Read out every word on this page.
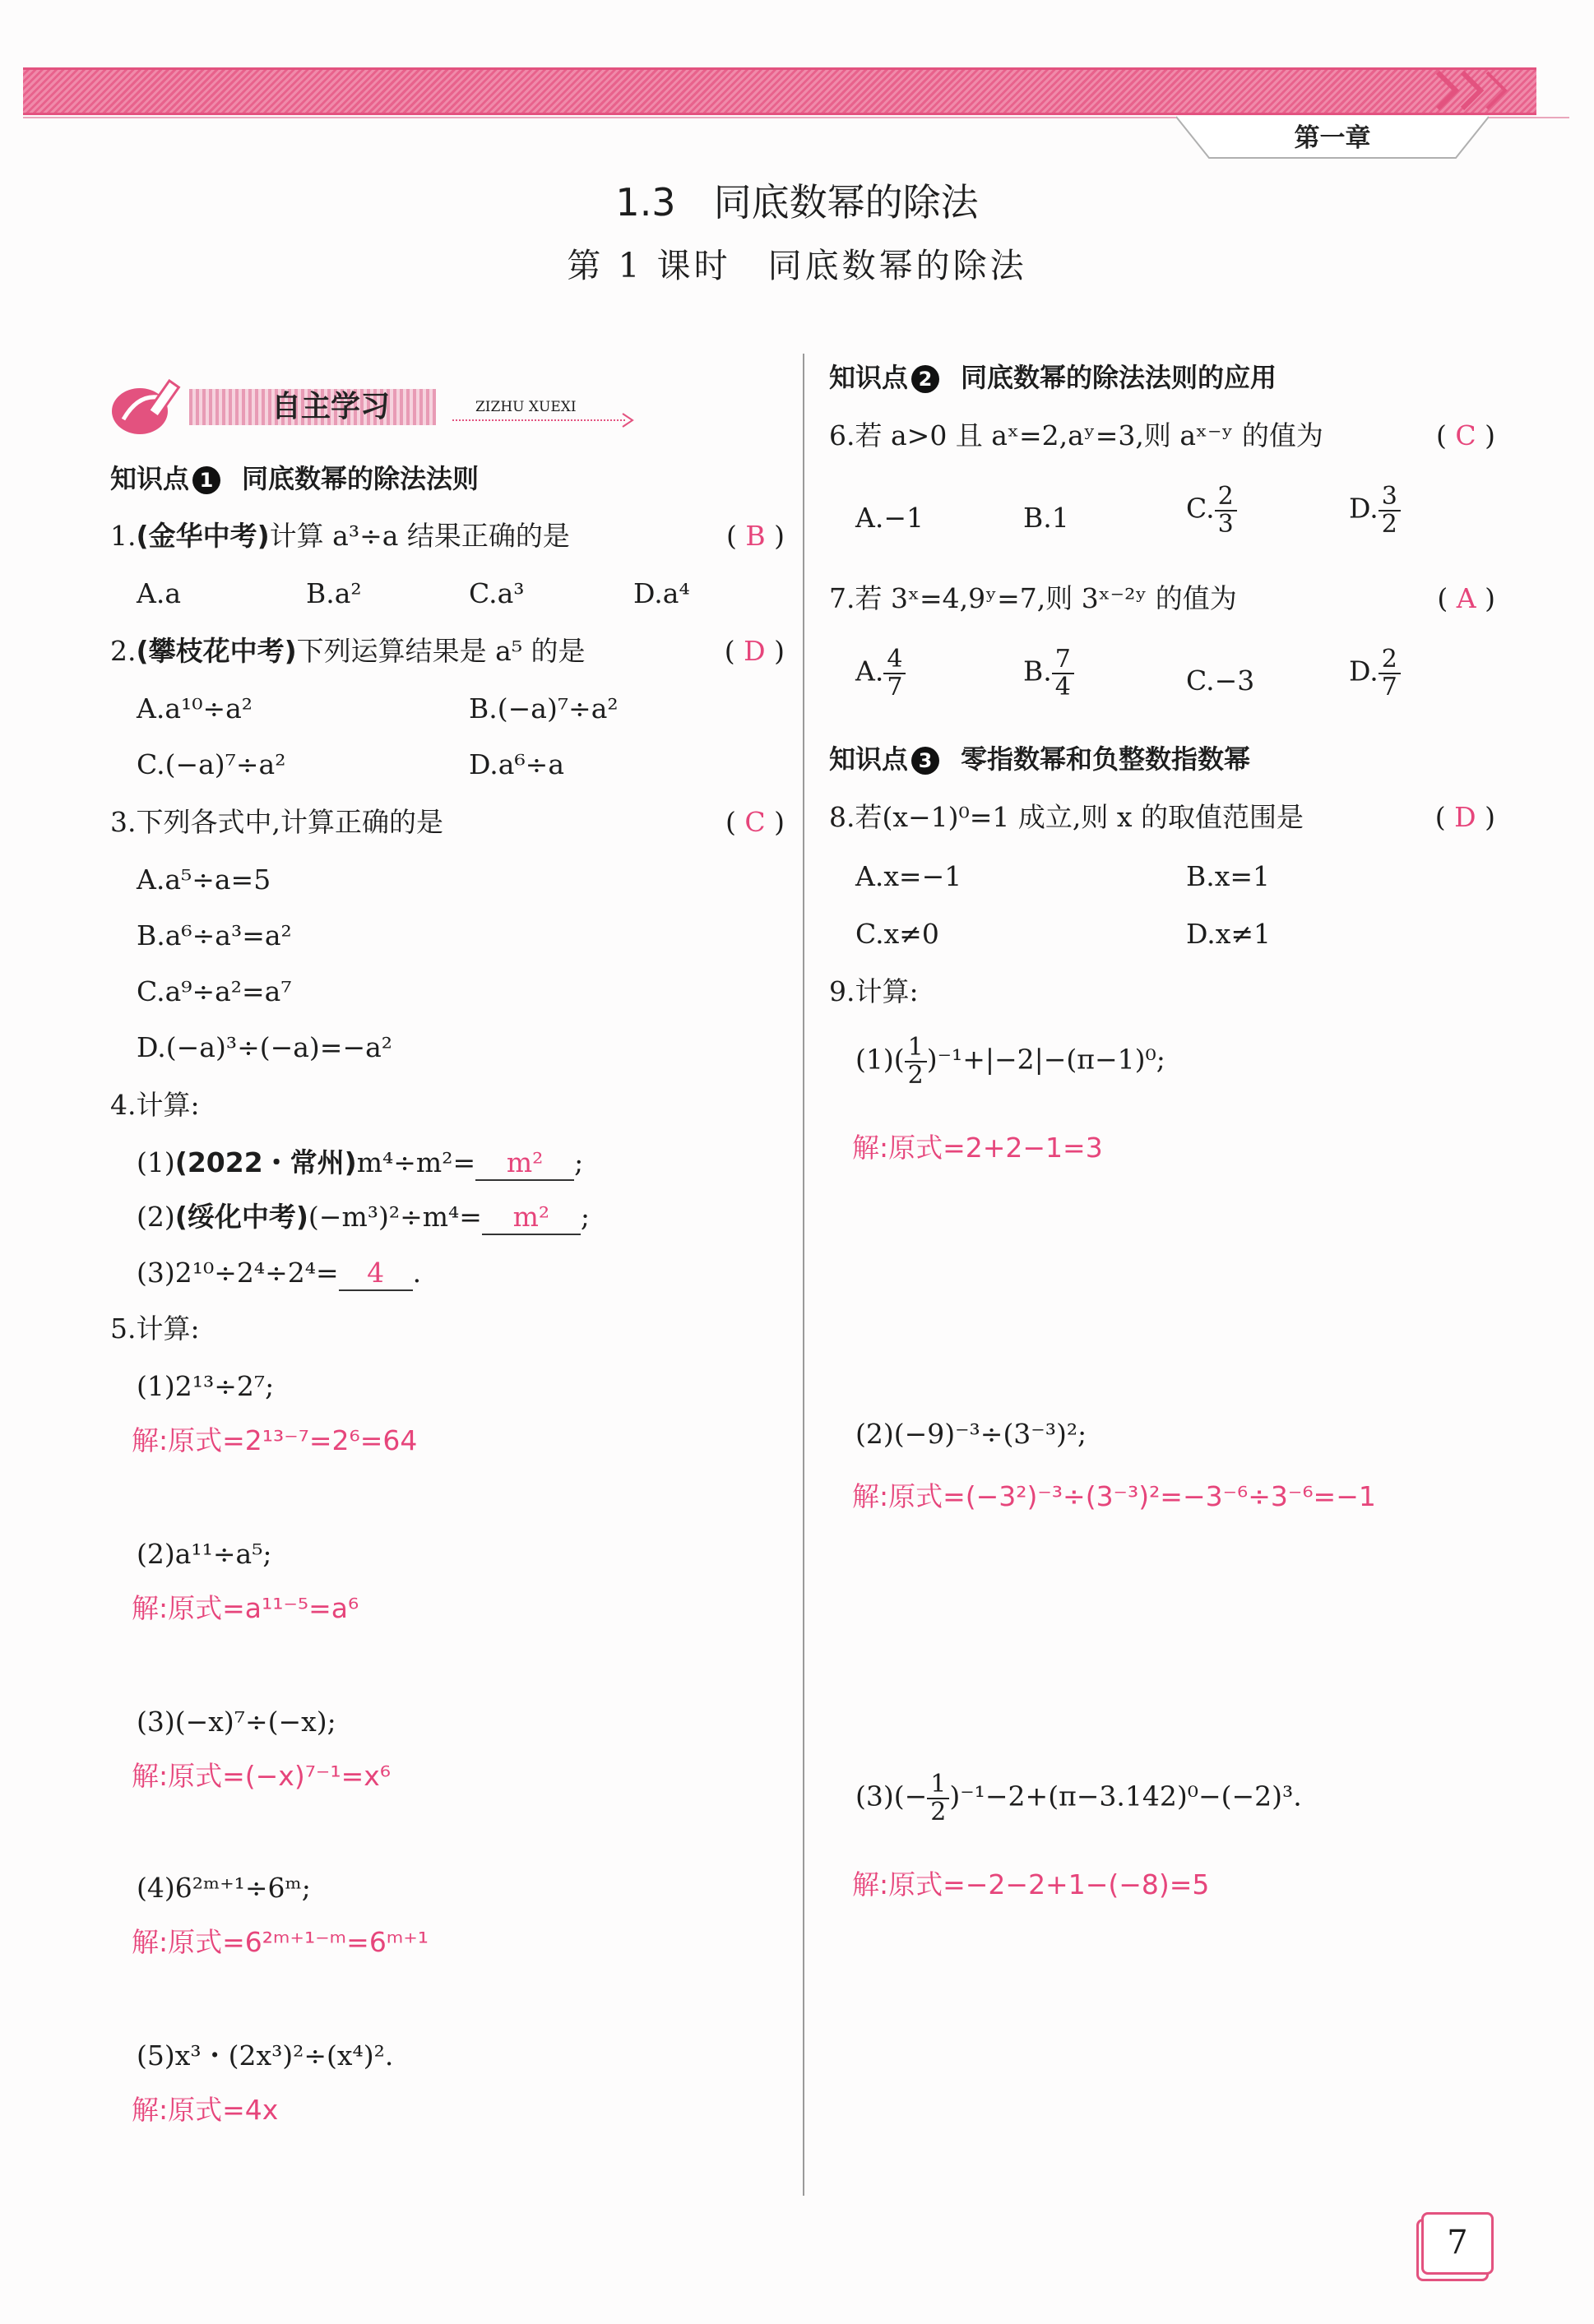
第一章
1.3　同底数幂的除法
第 1 课时　同底数幂的除法
自主学习	ZIZHU XUEXI
知识点 1 同底数幂的除法法则
1.(金华中考)计算 a³÷a 结果正确的是	( B )
A.a	B.a²	C.a³	D.a⁴
2.(攀枝花中考)下列运算结果是 a⁵ 的是	( D )
A.a¹⁰÷a²	B.(−a)⁷÷a²
C.(−a)⁷÷a²	D.a⁶÷a
3.下列各式中,计算正确的是	( C )
A.a⁵÷a=5
B.a⁶÷a³=a²
C.a⁹÷a²=a⁷
D.(−a)³÷(−a)=−a²
4.计算:
(1)(2022・常州)m⁴÷m²= m² ;
(2)(绥化中考)(−m³)²÷m⁴= m² ;
(3)2¹⁰÷2⁴÷2⁴= 4 .
5.计算:
(1)2¹³÷2⁷;
解:原式=2¹³⁻⁷=2⁶=64
(2)a¹¹÷a⁵;
解:原式=a¹¹⁻⁵=a⁶
(3)(−x)⁷÷(−x);
解:原式=(−x)⁷⁻¹=x⁶
(4)6²ᵐ⁺¹÷6ᵐ;
解:原式=6²ᵐ⁺¹⁻ᵐ=6ᵐ⁺¹
(5)x³・(2x³)²÷(x⁴)².
解:原式=4x
知识点 2 同底数幂的除法法则的应用
6.若 a>0 且 aˣ=2,aʸ=3,则 aˣ⁻ʸ 的值为	( C )
A.−1	B.1	C. $\frac{2}{3}$	D. $\frac{3}{2}$
7.若 3ˣ=4,9ʸ=7,则 3ˣ⁻²ʸ 的值为	( A )
A. $\frac{4}{7}$	B. $\frac{7}{4}$	C.−3	D. $\frac{2}{7}$
知识点 3 零指数幂和负整数指数幂
8.若(x−1)⁰=1 成立,则 x 的取值范围是	( D )
A.x=−1	B.x=1
C.x≠0	D.x≠1
9.计算:
$(1)( \frac{1}{2} )^{-1}+|-2|-(\pi-1)^0$;
解:原式=2+2−1=3
(2)(−9)⁻³÷(3⁻³)²;
解:原式=(−3²)⁻³÷(3⁻³)²=−3⁻⁶÷3⁻⁶=−1
$(3)(- \frac{1}{2} )^{-1}-2+(\pi-3.142)^0-(-2)^3$.
解:原式=−2−2+1−(−8)=5
7
